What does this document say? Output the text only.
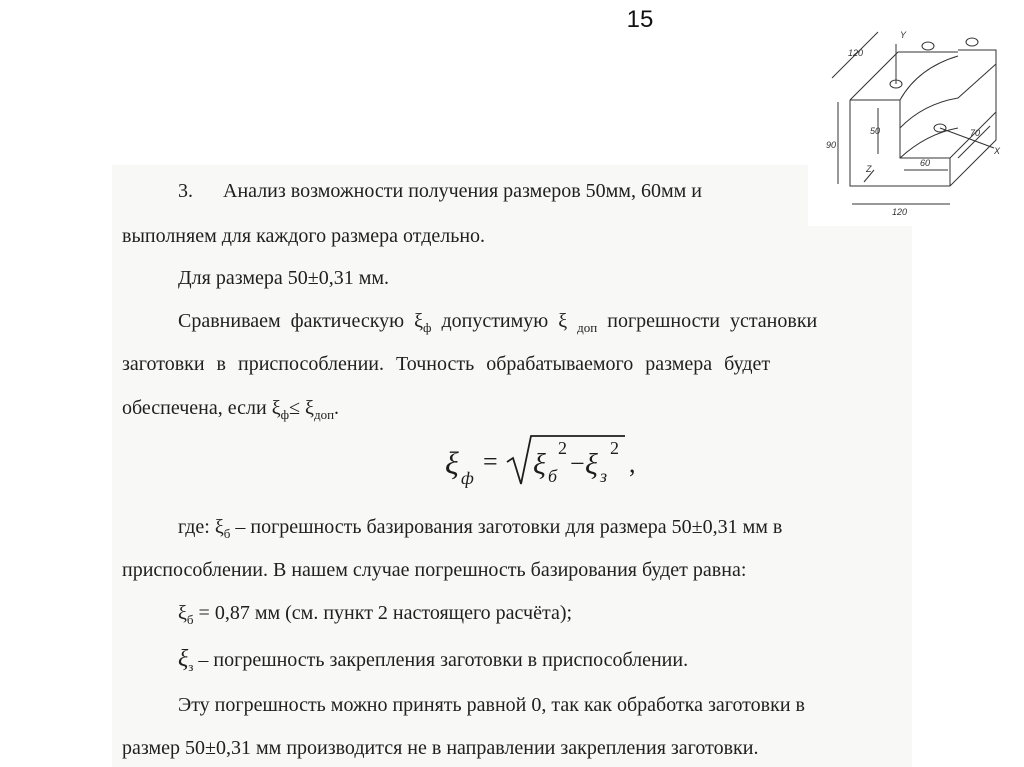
15
3. Анализ возможности получения размеров 50мм, 60мм и
выполняем для каждого размера отдельно.
Для размера 50±0,31 мм.
Сравниваем фактическую $\xi_ф$ допустимую ξ $_{доп}$ погрешности установки
заготовки в приспособлении. Точность обрабатываемого размера будет
обеспечена, если $\xi_ф\le \xi_{доп}$.
ξ ф
= ξ б
2
− ξ з
2
,
где: $\xi_б$ – погрешность базирования заготовки для размера 50±0,31 мм в
приспособлении. В нашем случае погрешность базирования будет равна:
$\xi_б = 0,87$ мм (см. пункт 2 настоящего расчёта);
$\xi_з$ – погрешность закрепления заготовки в приспособлении.
Эту погрешность можно принять равной 0, так как обработка заготовки в
размер 50±0,31 мм производится не в направлении закрепления заготовки.
120
90
120
60
50	70
Y
X
Z
